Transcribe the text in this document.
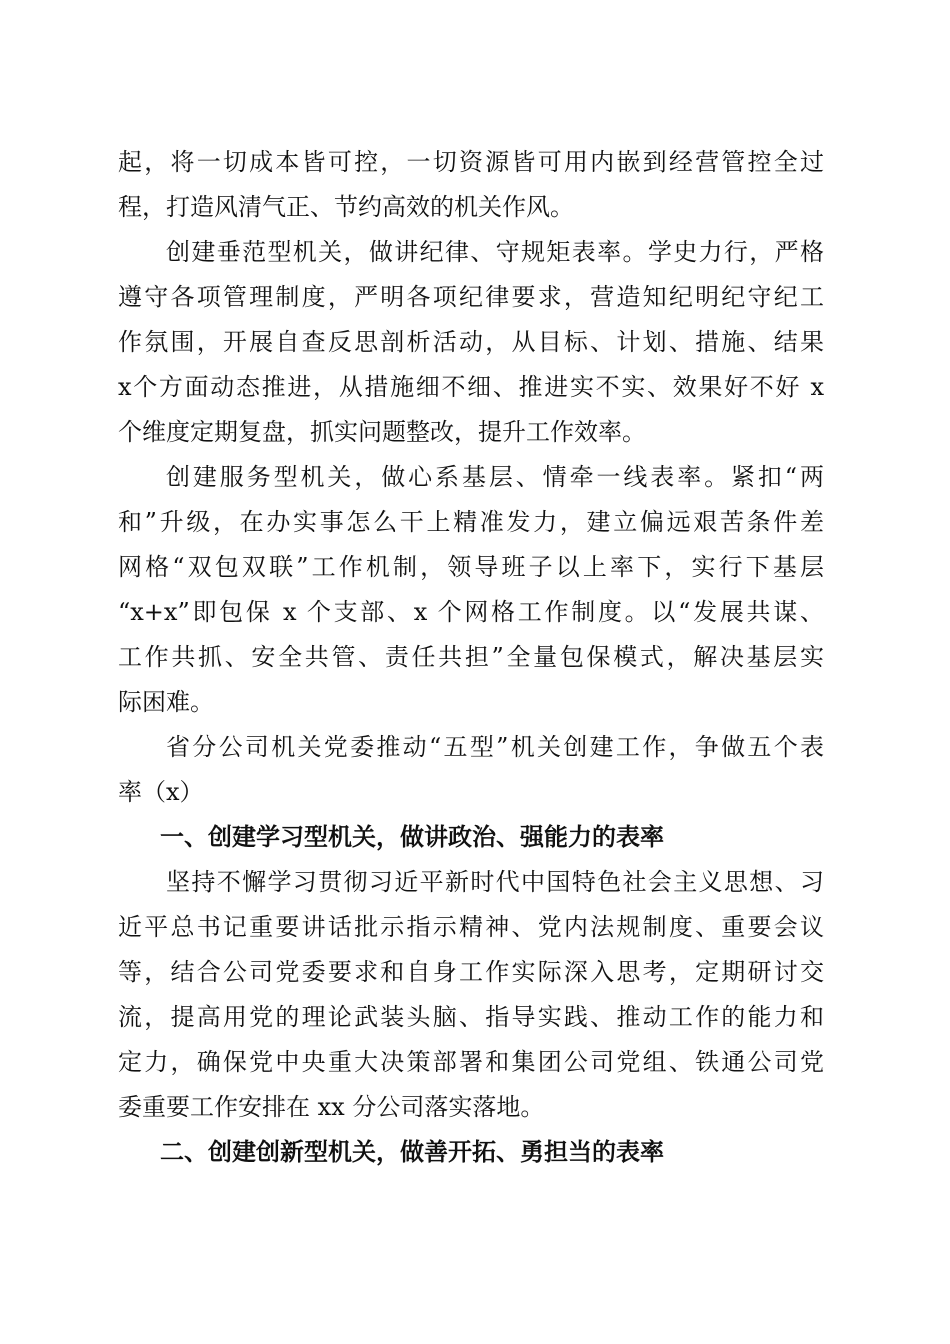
起，将一切成本皆可控，一切资源皆可用内嵌到经营管控全过
程，打造风清气正、节约高效的机关作风。
创建垂范型机关，做讲纪律、守规矩表率。学史力行，严格
遵守各项管理制度，严明各项纪律要求，营造知纪明纪守纪工
作氛围，开展自查反思剖析活动，从目标、计划、措施、结果
x个方面动态推进，从措施细不细、推进实不实、效果好不好 x
个维度定期复盘，抓实问题整改，提升工作效率。
创建服务型机关，做心系基层、情牵一线表率。紧扣“两
和”升级，在办实事怎么干上精准发力，建立偏远艰苦条件差
网格“双包双联”工作机制，领导班子以上率下，实行下基层
“x+x”即包保 x 个支部、x 个网格工作制度。以“发展共谋、
工作共抓、安全共管、责任共担”全量包保模式，解决基层实
际困难。
省分公司机关党委推动“五型”机关创建工作，争做五个表
率（x）
一、创建学习型机关，做讲政治、强能力的表率
坚持不懈学习贯彻习近平新时代中国特色社会主义思想、习
近平总书记重要讲话批示指示精神、党内法规制度、重要会议
等，结合公司党委要求和自身工作实际深入思考，定期研讨交
流，提高用党的理论武装头脑、指导实践、推动工作的能力和
定力，确保党中央重大决策部署和集团公司党组、铁通公司党
委重要工作安排在 xx 分公司落实落地。
二、创建创新型机关，做善开拓、勇担当的表率
